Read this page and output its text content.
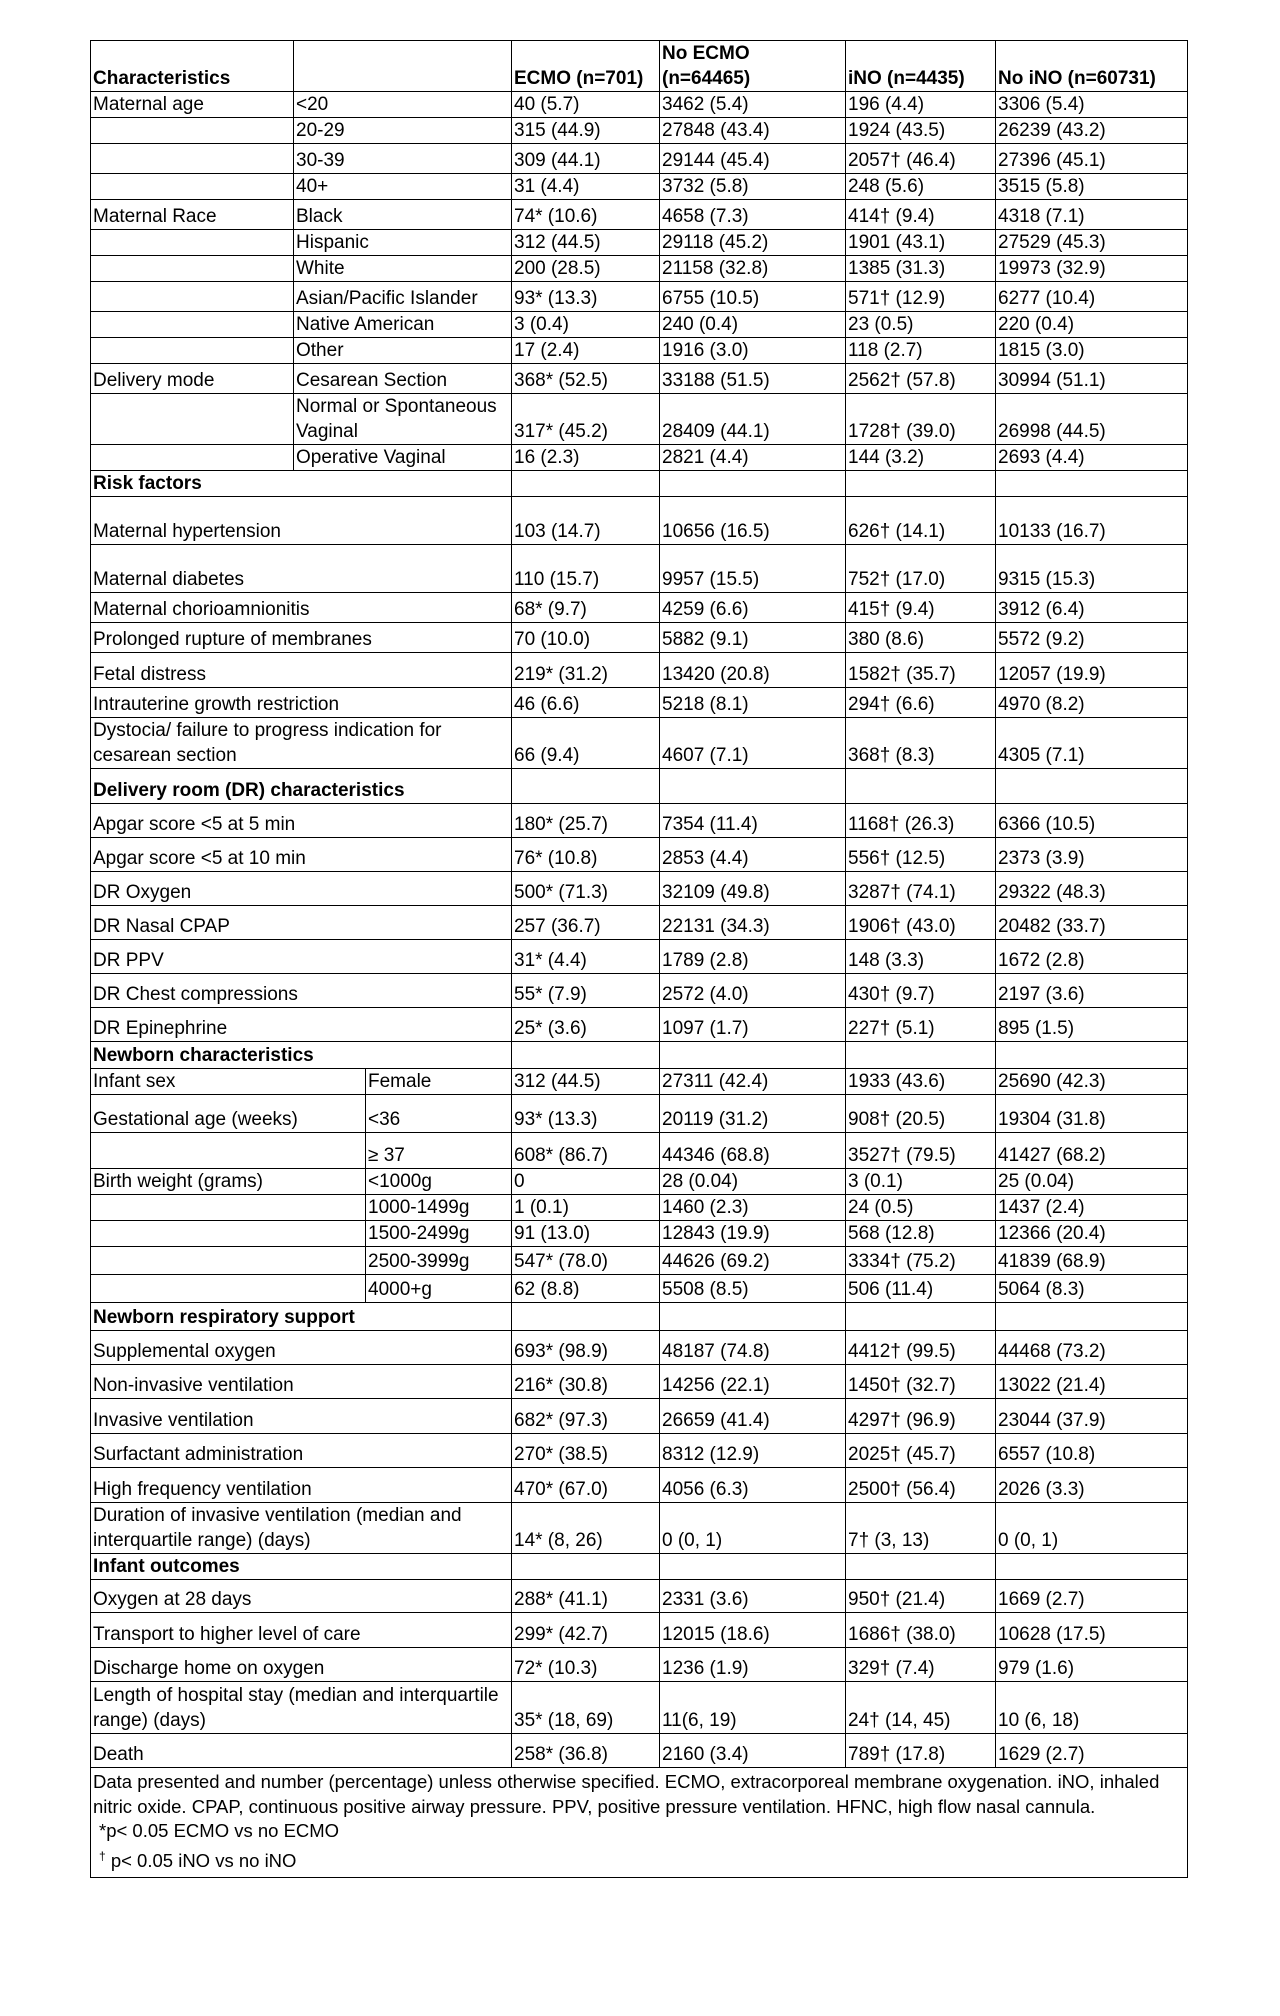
Characteristics			ECMO (n=701)	No ECMO (n=64465)	iNO (n=4435)	No iNO (n=60731)
Maternal age	<20		40 (5.7)	3462 (5.4)	196 (4.4)	3306 (5.4)
	20-29		315 (44.9)	27848 (43.4)	1924 (43.5)	26239 (43.2)
	30-39		309 (44.1)	29144 (45.4)	2057† (46.4)	27396 (45.1)
	40+		31 (4.4)	3732 (5.8)	248 (5.6)	3515 (5.8)
Maternal Race	Black		74* (10.6)	4658 (7.3)	414† (9.4)	4318 (7.1)
	Hispanic		312 (44.5)	29118 (45.2)	1901 (43.1)	27529 (45.3)
	White		200 (28.5)	21158 (32.8)	1385 (31.3)	19973 (32.9)
	Asian/Pacific Islander		93* (13.3)	6755 (10.5)	571† (12.9)	6277 (10.4)
	Native American		3 (0.4)	240 (0.4)	23 (0.5)	220 (0.4)
	Other		17 (2.4)	1916 (3.0)	118 (2.7)	1815 (3.0)
Delivery mode	Cesarean Section		368* (52.5)	33188 (51.5)	2562† (57.8)	30994 (51.1)
	Normal or Spontaneous Vaginal		317* (45.2)	28409 (44.1)	1728† (39.0)	26998 (44.5)
	Operative Vaginal		16 (2.3)	2821 (4.4)	144 (3.2)	2693 (4.4)
Risk factors						
Maternal hypertension			103 (14.7)	10656 (16.5)	626† (14.1)	10133 (16.7)
Maternal diabetes			110 (15.7)	9957 (15.5)	752† (17.0)	9315 (15.3)
Maternal chorioamnionitis			68* (9.7)	4259 (6.6)	415† (9.4)	3912 (6.4)
Prolonged rupture of membranes			70 (10.0)	5882 (9.1)	380 (8.6)	5572 (9.2)
Fetal distress			219* (31.2)	13420 (20.8)	1582† (35.7)	12057 (19.9)
Intrauterine growth restriction			46 (6.6)	5218 (8.1)	294† (6.6)	4970 (8.2)
Dystocia/ failure to progress indication for cesarean section			66 (9.4)	4607 (7.1)	368† (8.3)	4305 (7.1)
Delivery room (DR) characteristics						
Apgar score <5 at 5 min			180* (25.7)	7354 (11.4)	1168† (26.3)	6366 (10.5)
Apgar score <5 at 10 min			76* (10.8)	2853 (4.4)	556† (12.5)	2373 (3.9)
DR Oxygen			500* (71.3)	32109 (49.8)	3287† (74.1)	29322 (48.3)
DR Nasal CPAP			257 (36.7)	22131 (34.3)	1906† (43.0)	20482 (33.7)
DR PPV			31* (4.4)	1789 (2.8)	148 (3.3)	1672 (2.8)
DR Chest compressions			55* (7.9)	2572 (4.0)	430† (9.7)	2197 (3.6)
DR Epinephrine			25* (3.6)	1097 (1.7)	227† (5.1)	895 (1.5)
Newborn characteristics						
Infant sex		Female	312 (44.5)	27311 (42.4)	1933 (43.6)	25690 (42.3)
Gestational age (weeks)		<36	93* (13.3)	20119 (31.2)	908† (20.5)	19304 (31.8)
		≥ 37	608* (86.7)	44346 (68.8)	3527† (79.5)	41427 (68.2)
Birth weight (grams)		<1000g	0	28 (0.04)	3 (0.1)	25 (0.04)
		1000-1499g	1 (0.1)	1460 (2.3)	24 (0.5)	1437 (2.4)
		1500-2499g	91 (13.0)	12843 (19.9)	568 (12.8)	12366 (20.4)
		2500-3999g	547* (78.0)	44626 (69.2)	3334† (75.2)	41839 (68.9)
		4000+g	62 (8.8)	5508 (8.5)	506 (11.4)	5064 (8.3)
Newborn respiratory support						
Supplemental oxygen			693* (98.9)	48187 (74.8)	4412† (99.5)	44468 (73.2)
Non-invasive ventilation			216* (30.8)	14256 (22.1)	1450† (32.7)	13022 (21.4)
Invasive ventilation			682* (97.3)	26659 (41.4)	4297† (96.9)	23044 (37.9)
Surfactant administration			270* (38.5)	8312 (12.9)	2025† (45.7)	6557 (10.8)
High frequency ventilation			470* (67.0)	4056 (6.3)	2500† (56.4)	2026 (3.3)
Duration of invasive ventilation (median and interquartile range) (days)			14* (8, 26)	0 (0, 1)	7† (3, 13)	0 (0, 1)
Infant outcomes						
Oxygen at 28 days			288* (41.1)	2331 (3.6)	950† (21.4)	1669 (2.7)
Transport to higher level of care			299* (42.7)	12015 (18.6)	1686† (38.0)	10628 (17.5)
Discharge home on oxygen			72* (10.3)	1236 (1.9)	329† (7.4)	979 (1.6)
Length of hospital stay (median and interquartile range) (days)			35* (18, 69)	11(6, 19)	24† (14, 45)	10 (6, 18)
Death			258* (36.8)	2160 (3.4)	789† (17.8)	1629 (2.7)
Data presented and number (percentage) unless otherwise specified. ECMO, extracorporeal membrane oxygenation. iNO, inhaled nitric oxide. CPAP, continuous positive airway pressure. PPV, positive pressure ventilation. HFNC, high flow nasal cannula.
*p< 0.05 ECMO vs no ECMO
† p< 0.05 iNO vs no iNO						
